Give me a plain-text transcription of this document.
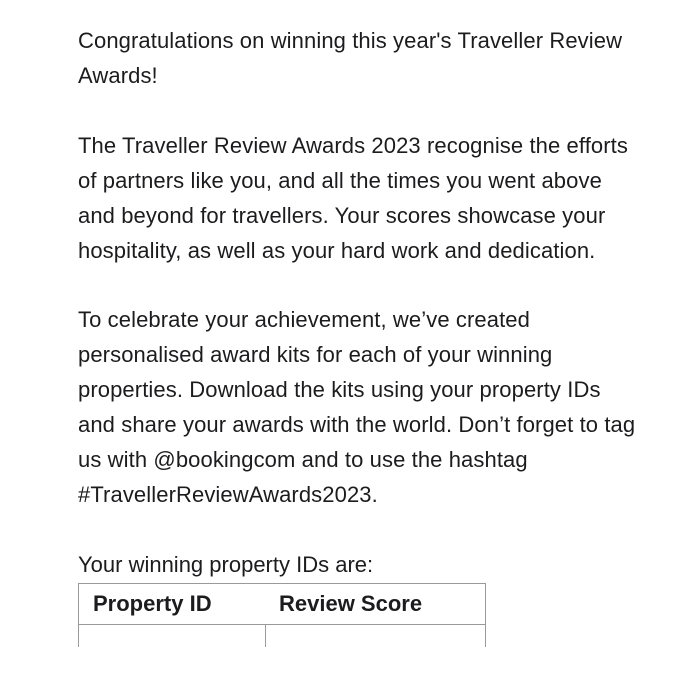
Congratulations on winning this year's Traveller Review Awards!

The Traveller Review Awards 2023 recognise the efforts of partners like you, and all the times you went above and beyond for travellers. Your scores showcase your hospitality, as well as your hard work and dedication.

To celebrate your achievement, we’ve created personalised award kits for each of your winning properties. Download the kits using your property IDs and share your awards with the world. Don’t forget to tag us with @bookingcom and to use the hashtag #TravellerReviewAwards2023.

Your winning property IDs are:

Property ID	Review Score
